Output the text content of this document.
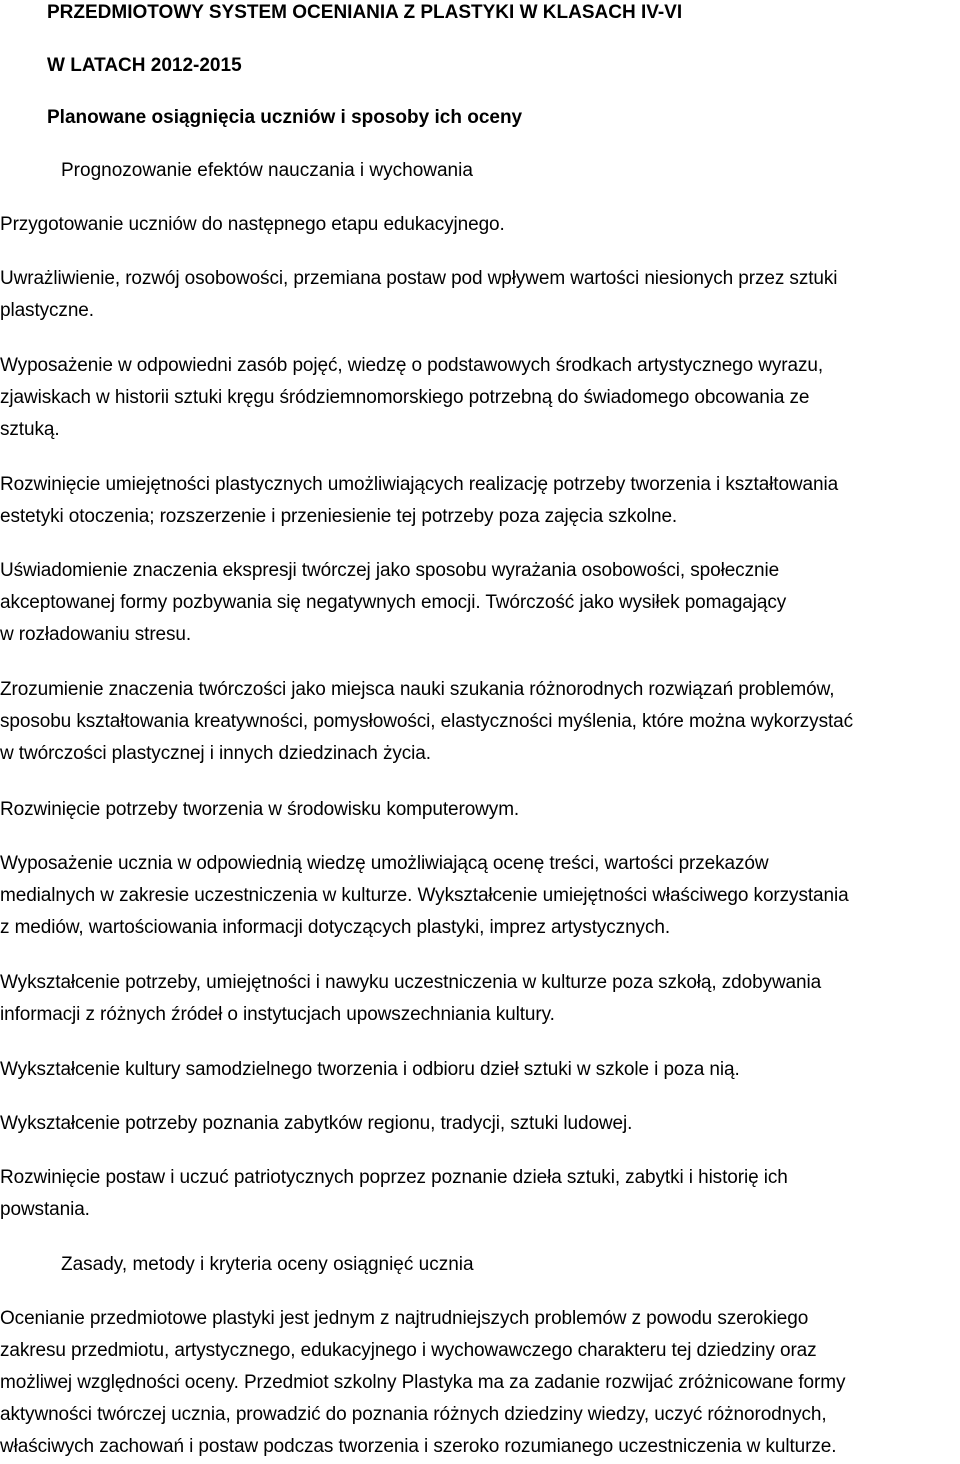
PRZEDMIOTOWY SYSTEM OCENIANIA Z PLASTYKI W KLASACH IV-VI

W LATACH 2012-2015

Planowane osiągnięcia uczniów i sposoby ich oceny

Prognozowanie efektów nauczania i wychowania

Przygotowanie uczniów do następnego etapu edukacyjnego.
Uwrażliwienie, rozwój osobowości, przemiana postaw pod wpływem wartości niesionych przez sztuki
plastyczne.
Wyposażenie w odpowiedni zasób pojęć, wiedzę o podstawowych środkach artystycznego wyrazu,
zjawiskach w historii sztuki kręgu śródziemnomorskiego potrzebną do świadomego obcowania ze
sztuką.
Rozwinięcie umiejętności plastycznych umożliwiających realizację potrzeby tworzenia i kształtowania
estetyki otoczenia; rozszerzenie i przeniesienie tej potrzeby poza zajęcia szkolne.
Uświadomienie znaczenia ekspresji twórczej jako sposobu wyrażania osobowości, społecznie
akceptowanej formy pozbywania się negatywnych emocji. Twórczość jako wysiłek pomagający
w rozładowaniu stresu.
Zrozumienie znaczenia twórczości jako miejsca nauki szukania różnorodnych rozwiązań problemów,
sposobu kształtowania kreatywności, pomysłowości, elastyczności myślenia, które można wykorzystać
w twórczości plastycznej i innych dziedzinach życia.
Rozwinięcie potrzeby tworzenia w środowisku komputerowym.
Wyposażenie ucznia w odpowiednią wiedzę umożliwiającą ocenę treści, wartości przekazów
medialnych w zakresie uczestniczenia w kulturze. Wykształcenie umiejętności właściwego korzystania
z mediów, wartościowania informacji dotyczących plastyki, imprez artystycznych.
Wykształcenie potrzeby, umiejętności i nawyku uczestniczenia w kulturze poza szkołą, zdobywania
informacji z różnych źródeł o instytucjach upowszechniania kultury.
Wykształcenie kultury samodzielnego tworzenia i odbioru dzieł sztuki w szkole i poza nią.
Wykształcenie potrzeby poznania zabytków regionu, tradycji, sztuki ludowej.
Rozwinięcie postaw i uczuć patriotycznych poprzez poznanie dzieła sztuki, zabytki i historię ich
powstania.

Zasady, metody i kryteria oceny osiągnięć ucznia

Ocenianie przedmiotowe plastyki jest jednym z najtrudniejszych problemów z powodu szerokiego
zakresu przedmiotu, artystycznego, edukacyjnego i wychowawczego charakteru tej dziedziny oraz
możliwej względności oceny. Przedmiot szkolny Plastyka ma za zadanie rozwijać zróżnicowane formy
aktywności twórczej ucznia, prowadzić do poznania różnych dziedziny wiedzy, uczyć różnorodnych,
właściwych zachowań i postaw podczas tworzenia i szeroko rozumianego uczestniczenia w kulturze.
